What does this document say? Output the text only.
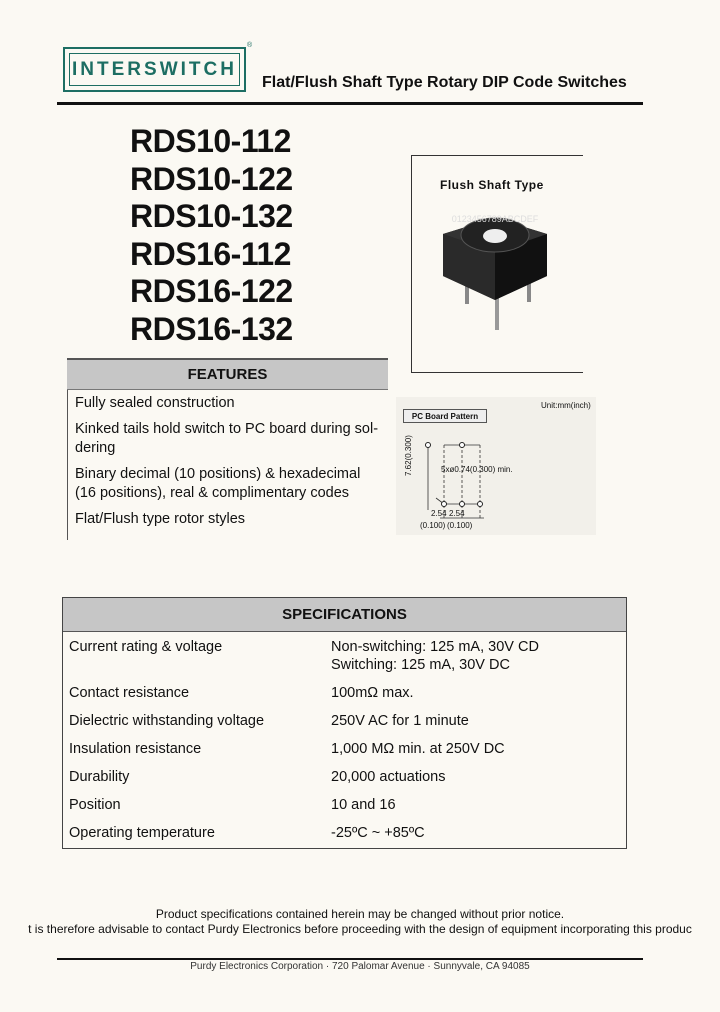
INTERSWITCH
®
Flat/Flush Shaft Type Rotary DIP Code Switches
RDS10-112
RDS10-122
RDS10-132
RDS16-112
RDS16-122
RDS16-132
Flush Shaft Type
0123456789ABCDEF
FEATURES
Fully sealed construction
Kinked tails hold switch to PC board during sol-dering
Binary decimal (10 positions) & hexadecimal (16 positions), real & complimentary codes
Flat/Flush type rotor styles
PC Board Pattern
Unit:mm(inch)
7.62(0.300)	5xø0.74(0.300) min.
2.54 2.54
(0.100) (0.100)
SPECIFICATIONS
Current rating & voltage	Non-switching: 125 mA, 30V CD
Switching: 125 mA, 30V DC
Contact resistance	100mΩ max.
Dielectric withstanding voltage	250V AC for 1 minute
Insulation resistance	1,000 MΩ min. at 250V DC
Durability	20,000 actuations
Position	10 and 16
Operating temperature	-25ºC ~ +85ºC
Product specifications contained herein may be changed without prior notice.
t is therefore advisable to contact Purdy Electronics before proceeding with the design of equipment incorporating this produc
Purdy Electronics Corporation · 720 Palomar Avenue · Sunnyvale, CA 94085
